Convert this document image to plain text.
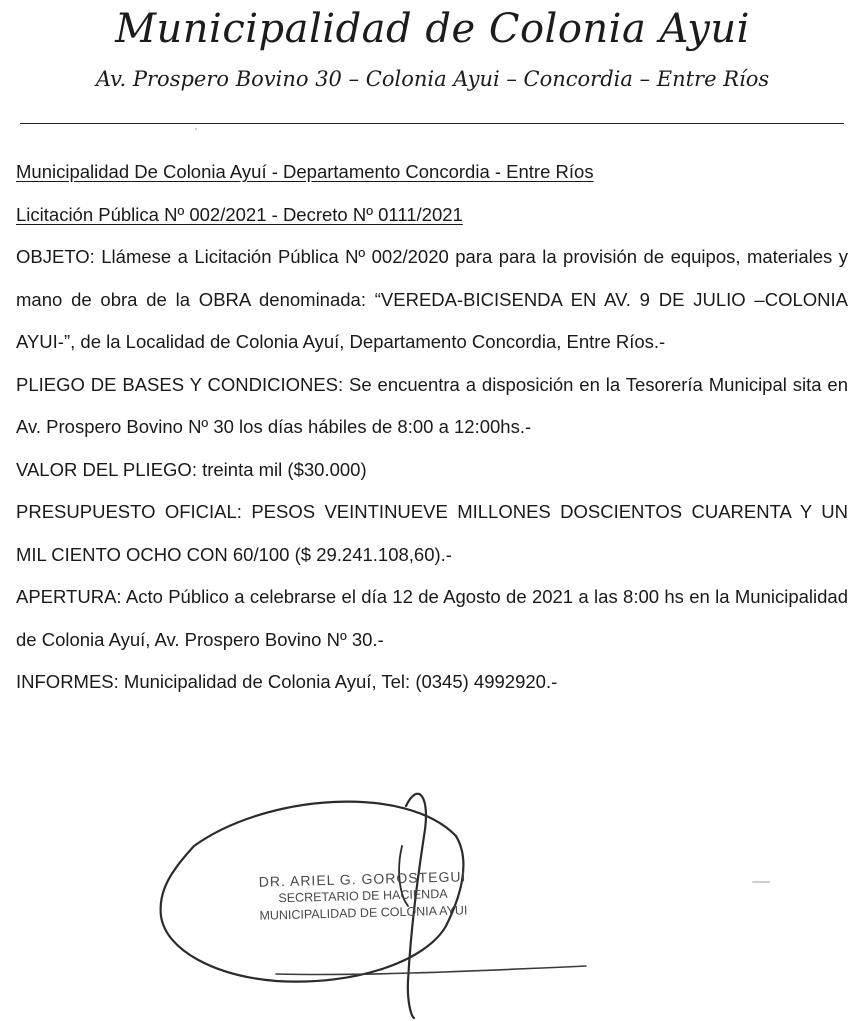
Municipalidad de Colonia Ayui
Av. Prospero Bovino 30 – Colonia Ayui – Concordia – Entre Ríos

Municipalidad De Colonia Ayuí - Departamento Concordia - Entre Ríos

Licitación Pública Nº 002/2021 - Decreto Nº 0111/2021

OBJETO: Llámese a Licitación Pública Nº 002/2020 para para la provisión de equipos, materiales y mano de obra de la OBRA denominada: “VEREDA-BICISENDA EN AV. 9 DE JULIO –COLONIA AYUI-”, de la Localidad de Colonia Ayuí, Departamento Concordia, Entre Ríos.-

PLIEGO DE BASES Y CONDICIONES: Se encuentra a disposición en la Tesorería Municipal sita en Av. Prospero Bovino Nº 30 los días hábiles de 8:00 a 12:00hs.-

VALOR DEL PLIEGO: treinta mil ($30.000)

PRESUPUESTO OFICIAL: PESOS VEINTINUEVE MILLONES DOSCIENTOS CUARENTA Y UN MIL CIENTO OCHO CON 60/100 ($ 29.241.108,60).-

APERTURA: Acto Público a celebrarse el día 12 de Agosto de 2021 a las 8:00 hs en la Municipalidad de Colonia Ayuí, Av. Prospero Bovino Nº 30.-

INFORMES: Municipalidad de Colonia Ayuí, Tel: (0345) 4992920.-

DR. ARIEL G. GOROSTEGUI
SECRETARIO DE HACIENDA
MUNICIPALIDAD DE COLONIA AYUI
